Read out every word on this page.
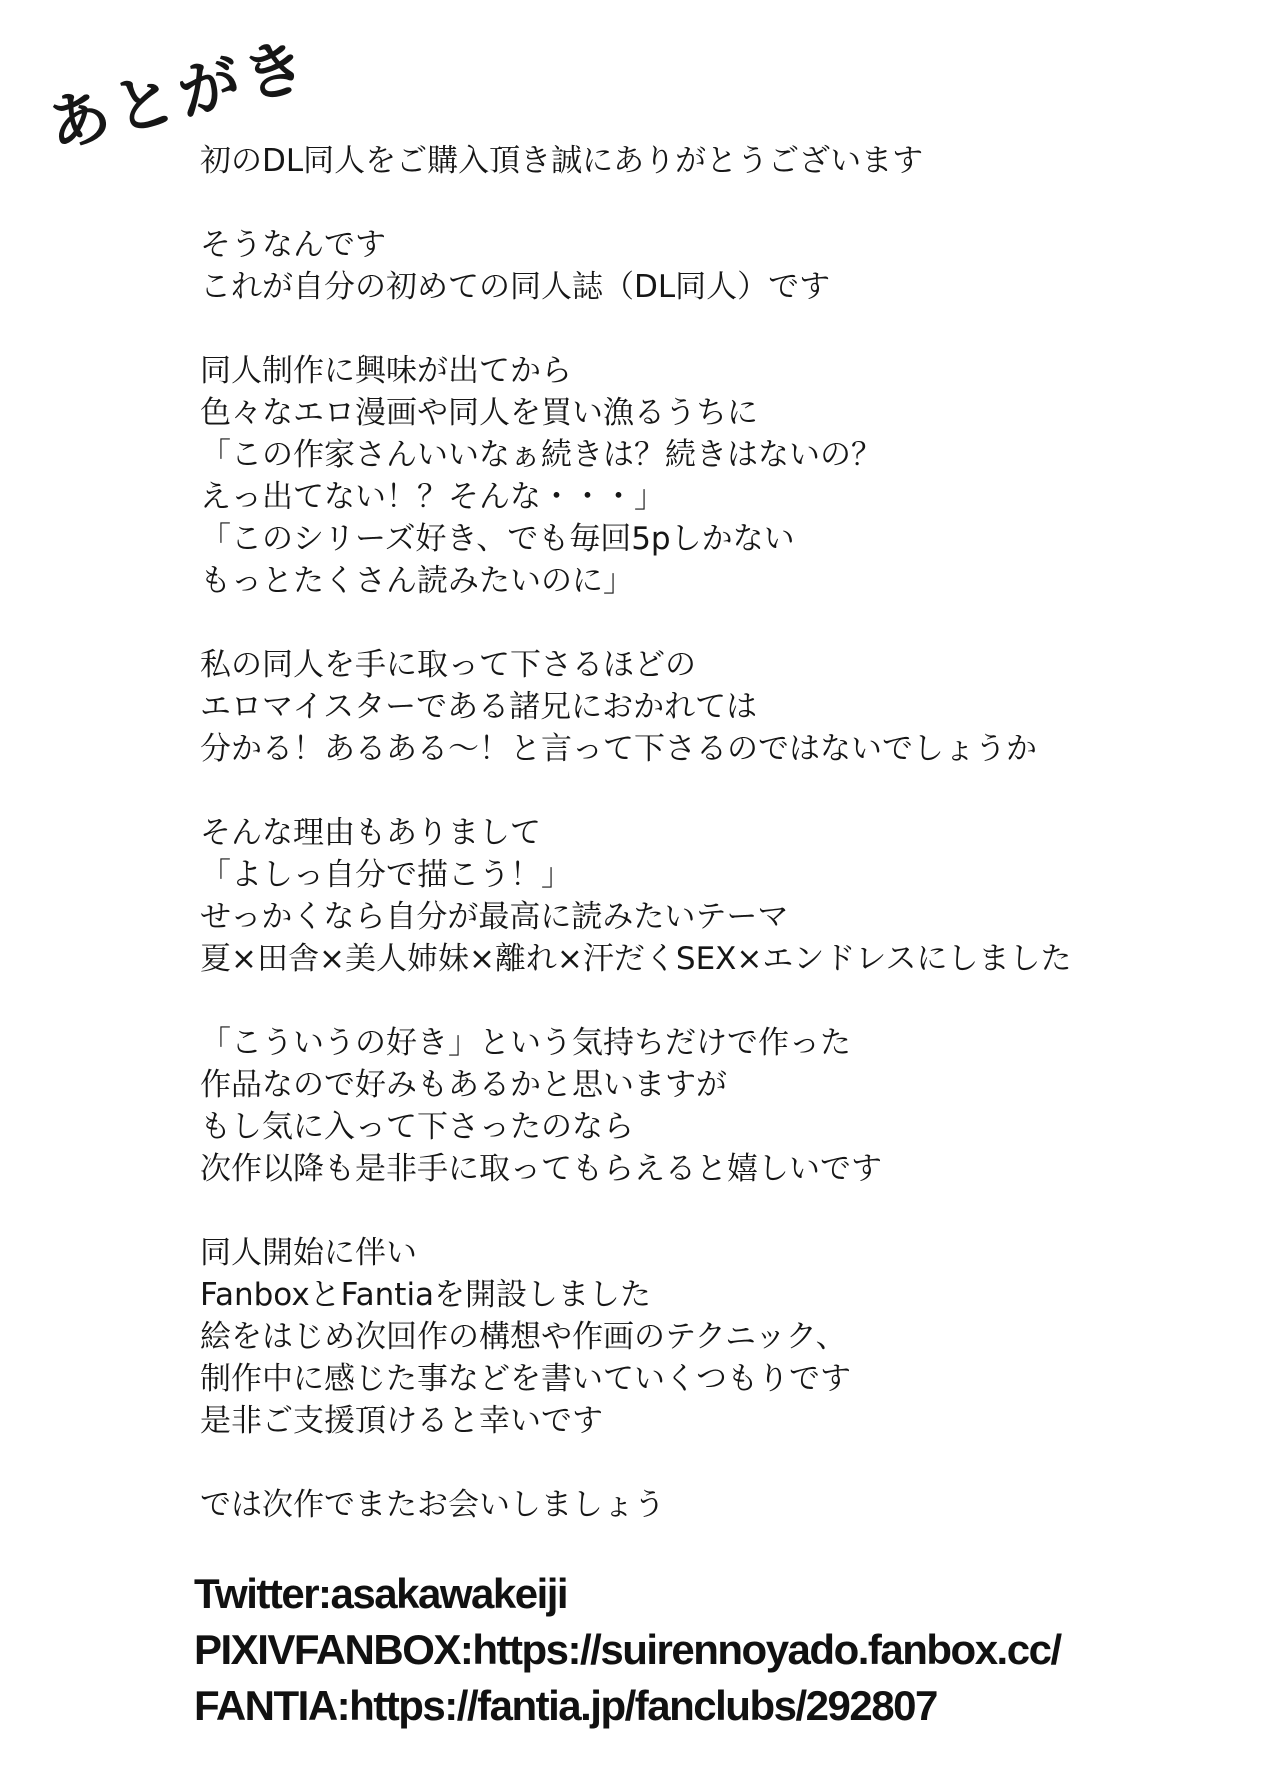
あとがき
初のDL同人をご購入頂き誠にありがとうございます
そうなんです
これが自分の初めての同人誌（DL同人）です
同人制作に興味が出てから
色々なエロ漫画や同人を買い漁るうちに
「この作家さんいいなぁ続きは？続きはないの？
えっ出てない！？そんな・・・」
「このシリーズ好き、でも毎回5pしかない
もっとたくさん読みたいのに」
私の同人を手に取って下さるほどの
エロマイスターである諸兄におかれては
分かる！あるある～！と言って下さるのではないでしょうか
そんな理由もありまして
「よしっ自分で描こう！」
せっかくなら自分が最高に読みたいテーマ
夏×田舎×美人姉妹×離れ×汗だくSEX×エンドレスにしました
「こういうの好き」という気持ちだけで作った
作品なので好みもあるかと思いますが
もし気に入って下さったのなら
次作以降も是非手に取ってもらえると嬉しいです
同人開始に伴い
FanboxとFantiaを開設しました
絵をはじめ次回作の構想や作画のテクニック、
制作中に感じた事などを書いていくつもりです
是非ご支援頂けると幸いです
では次作でまたお会いしましょう
Twitter:asakawakeiji
PIXIVFANBOX:https://suirennoyado.fanbox.cc/
FANTIA:https://fantia.jp/fanclubs/292807
